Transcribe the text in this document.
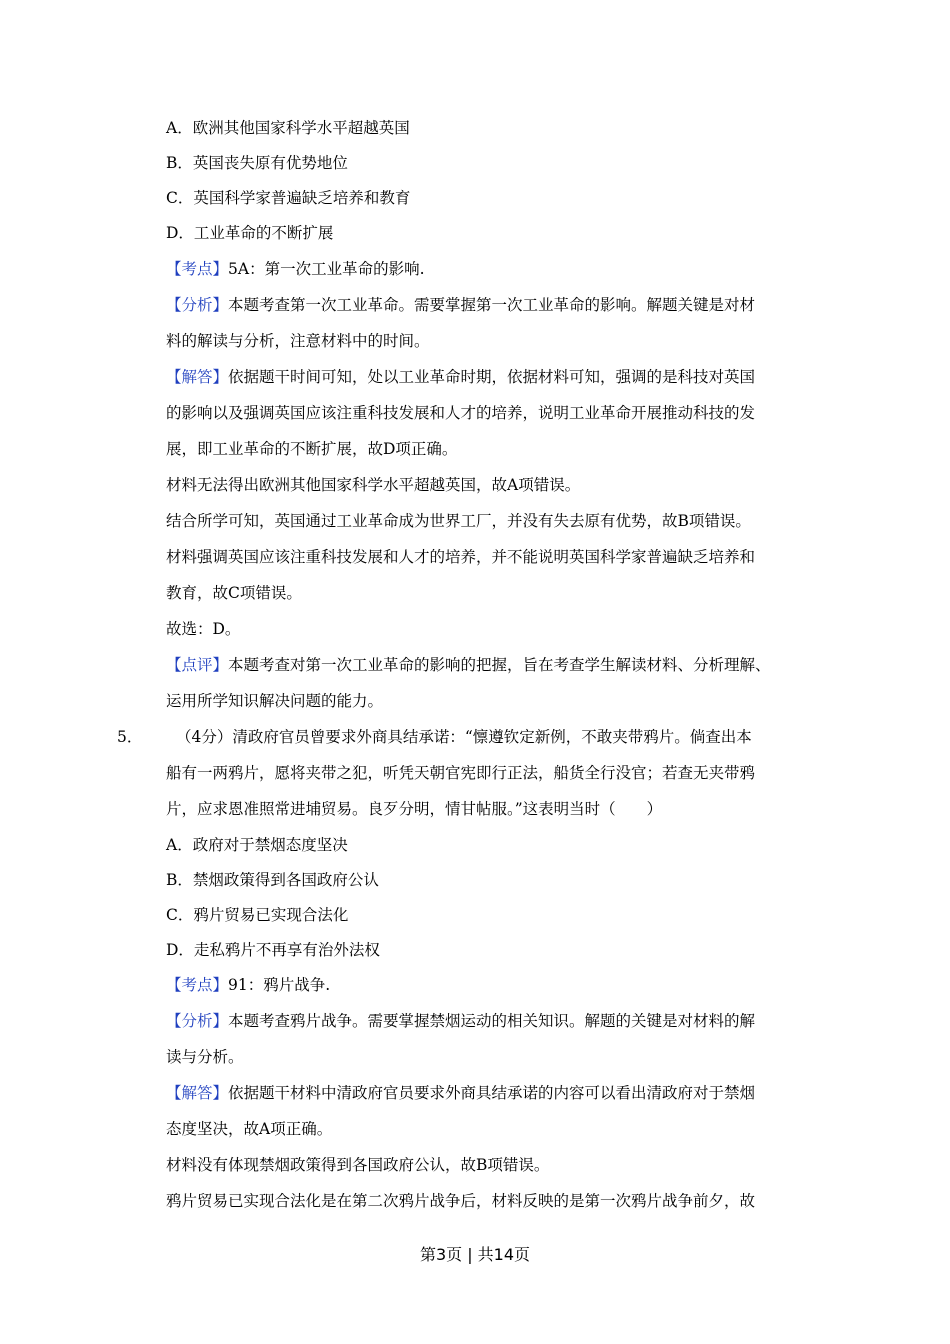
A．欧洲其他国家科学水平超越英国
B．英国丧失原有优势地位
C．英国科学家普遍缺乏培养和教育
D．工业革命的不断扩展
【考点】5A：第一次工业革命的影响.
【分析】本题考查第一次工业革命。需要掌握第一次工业革命的影响。解题关键是对材
料的解读与分析，注意材料中的时间。
【解答】依据题干时间可知，处以工业革命时期，依据材料可知，强调的是科技对英国
的影响以及强调英国应该注重科技发展和人才的培养，说明工业革命开展推动科技的发
展，即工业革命的不断扩展，故D项正确。
材料无法得出欧洲其他国家科学水平超越英国，故A项错误。
结合所学可知，英国通过工业革命成为世界工厂，并没有失去原有优势，故B项错误。
材料强调英国应该注重科技发展和人才的培养，并不能说明英国科学家普遍缺乏培养和
教育，故C项错误。
故选：D。
【点评】本题考查对第一次工业革命的影响的把握，旨在考查学生解读材料、分析理解、
运用所学知识解决问题的能力。
5． （4分）清政府官员曾要求外商具结承诺：“懔遵钦定新例，不敢夹带鸦片。倘查出本
船有一两鸦片，愿将夹带之犯，听凭天朝官宪即行正法，船货全行没官；若查无夹带鸦
片，应求恩准照常进埔贸易。良歹分明，情甘帖服。”这表明当时（　　）
A．政府对于禁烟态度坚决
B．禁烟政策得到各国政府公认
C．鸦片贸易已实现合法化
D．走私鸦片不再享有治外法权
【考点】91：鸦片战争.
【分析】本题考查鸦片战争。需要掌握禁烟运动的相关知识。解题的关键是对材料的解
读与分析。
【解答】依据题干材料中清政府官员要求外商具结承诺的内容可以看出清政府对于禁烟
态度坚决，故A项正确。
材料没有体现禁烟政策得到各国政府公认，故B项错误。
鸦片贸易已实现合法化是在第二次鸦片战争后，材料反映的是第一次鸦片战争前夕，故
第3页 | 共14页
